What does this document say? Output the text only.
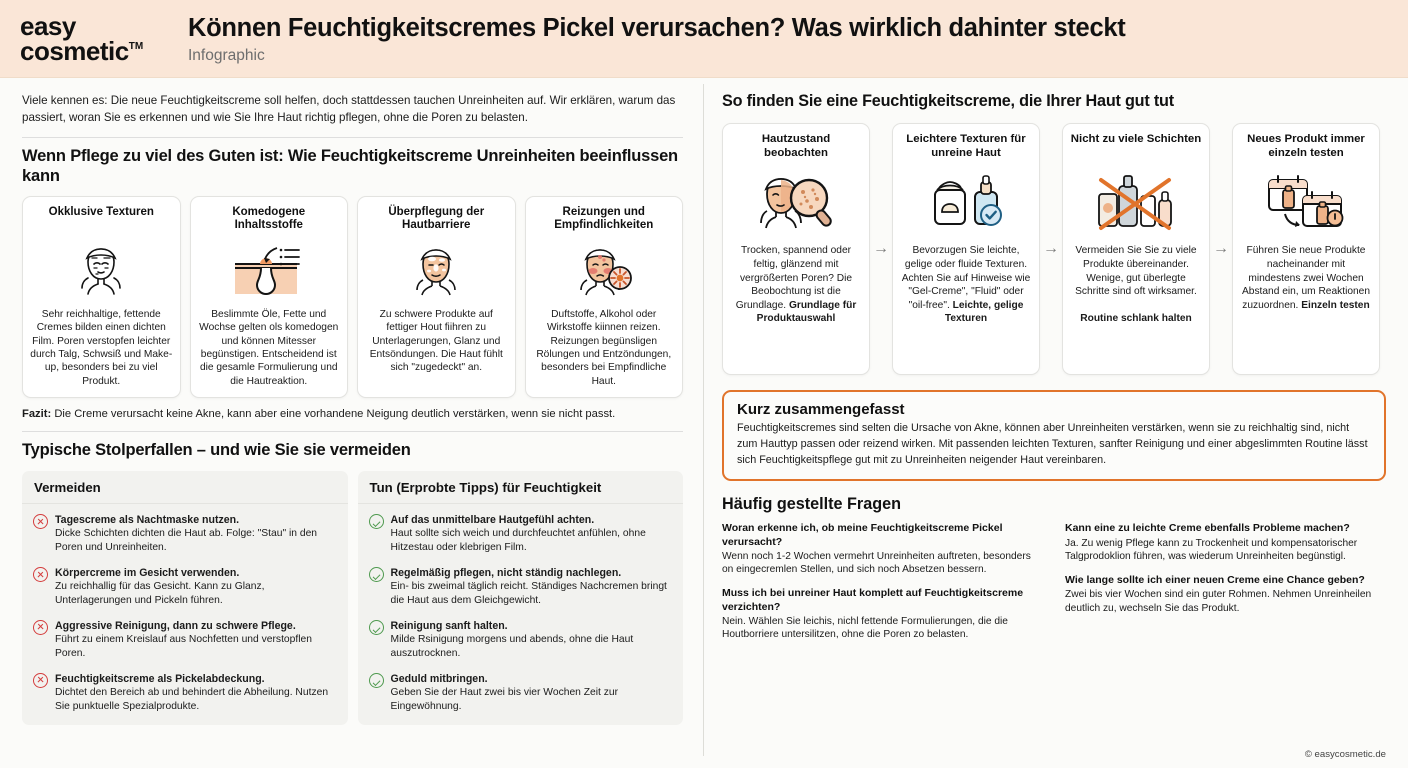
easy
cosmetic TM
Können Feuchtigkeitscremes Pickel verursachen? Was wirklich dahinter steckt
Infographic
Viele kennen es: Die neue Feuchtigkeitscreme soll helfen, doch stattdessen tauchen Unreinheiten auf. Wir erklären, warum das passiert, woran Sie es erkennen und wie Sie Ihre Haut richtig pflegen, ohne die Poren zu belasten.
Wenn Pflege zu viel des Guten ist: Wie Feuchtigkeitscreme Unreinheiten beeinflussen kann
Okklusive Texturen
Sehr reichhaltige, fettende Cremes bilden einen dichten Film. Poren verstopfen leichter durch Talg, Schwsiß und Make-up, besonders bei zu viel Produkt.
Komedogene Inhaltsstoffe
Beslimmte Öle, Fette und Wochse gelten ols komedogen und können Mitesser begünstigen. Entscheidend ist die gesamle Formulierung und die Hautreaktion.
Überpflegung der Hautbarriere
Zu schwere Produkte auf fettiger Hout fiihren zu Unterlagerungen, Glanz und Entsöndungen. Die Haut fühlt sich "zugedeckt" an.
Reizungen und Empfindlichkeiten
Duftstoffe, Alkohol oder Wirkstoffe kiinnen reizen. Reizungen begünsligen Rölungen und Entzöndungen, besonders bei Empfindliche Haut.
Fazit: Die Creme verursacht keine Akne, kann aber eine vorhandene Neigung deutlich verstärken, wenn sie nicht passt.
Typische Stolperfallen – und wie Sie sie vermeiden
Vermeiden
Tagescreme als Nachtmaske nutzen.
Dicke Schichten dichten die Haut ab. Folge: "Stau" in den Poren und Unreinheiten.
Körpercreme im Gesicht verwenden.
Zu reichhallig für das Gesicht. Kann zu Glanz, Unterlagerungen und Pickeln führen.
Aggressive Reinigung, dann zu schwere Pflege.
Führt zu einem Kreislauf aus Nochfetten und verstopflen Poren.
Feuchtigkeitscreme als Pickelabdeckung.
Dichtet den Bereich ab und behindert die Abheilung. Nutzen Sie punktuelle Spezialprodukte.
Tun (Erprobte Tipps) für Feuchtigkeit
Auf das unmittelbare Hautgefühl achten.
Haut sollte sich weich und durchfeuchtet anfühlen, ohne Hitzestau oder klebrigen Film.
Regelmäßig pflegen, nicht ständig nachlegen.
Ein- bis zweimal täglich reicht. Ständiges Nachcremen bringt die Haut aus dem Gleichgewicht.
Reinigung sanft halten.
Milde Rsinigung morgens und abends, ohne die Haut auszutrocknen.
Geduld mitbringen.
Geben Sie der Haut zwei bis vier Wochen Zeit zur Eingewöhnung.
So finden Sie eine Feuchtigkeitscreme, die Ihrer Haut gut tut
Hautzustand beobachten
Trocken, spannend oder feltig, glänzend mit vergrößerten Poren? Die Beobochtung ist die Grundlage. Grundlage für Produktauswahl
→
Leichtere Texturen für unreine Haut
Bevorzugen Sie leichte, gelige oder fluide Texturen. Achten Sie auf Hinweise wie "Gel-Creme", "Fluid" oder "oil-free". Leichte, gelige Texturen
→
Nicht zu viele Schichten
Vermeiden Sie Sie zu viele Produkte übereinander. Wenige, gut überlegte Schritte sind oft wirksamer.

Routine schlank halten
→
Neues Produkt immer einzeln testen
Führen Sie neue Produkte nacheinander mit mindestens zwei Wochen Abstand ein, um Reaktionen zuzuordnen. Einzeln testen
Kurz zusammengefasst

Feuchtigkeitscremes sind selten die Ursache von Akne, können aber Unreinheiten verstärken, wenn sie zu reichhaltig sind, nicht zum Hauttyp passen oder reizend wirken. Mit passenden leichten Texturen, sanfter Reinigung und einer abgeslimmten Routine lässt sich Feuchtigkeitspflege gut mit zu Unreinheiten neigender Haut vereinbaren.

Häufig gestellte Fragen
Woran erkenne ich, ob meine Feuchtigkeitscreme Pickel verursacht?
Wenn noch 1-2 Wochen vermehrt Unreinheiten auftreten, besonders on eingecremlen Stellen, und sich noch Absetzen bessern.
Muss ich bei unreiner Haut komplett auf Feuchtigkeitscreme verzichten?
Nein. Wählen Sie leichis, nichl fettende Formulierungen, die die Houtborriere untersilitzen, ohne die Poren zo belasten.
Kann eine zu leichte Creme ebenfalls Probleme machen?
Ja. Zu wenig Pflege kann zu Trockenheit und kompensatorischer Talgprodoklion führen, was wiederum Unreinheiten begünstigl.
Wie lange sollte ich einer neuen Creme eine Chance geben?
Zwei bis vier Wochen sind ein guter Rohmen. Nehmen Unreinheilen deutlich zu, wechseln Sie das Produkt.
© easycosmetic.de
